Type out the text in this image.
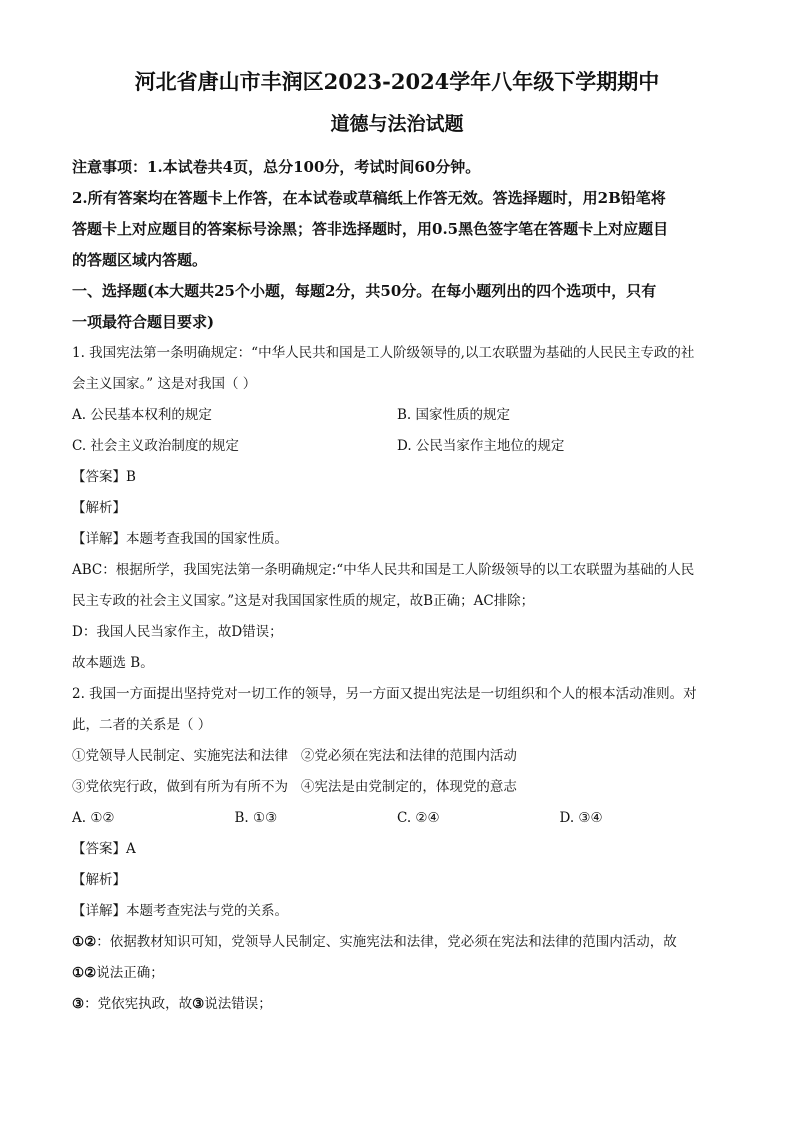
河北省唐山市丰润区2023-2024学年八年级下学期期中

道德与法治试题

注意事项：1.本试卷共4页，总分100分，考试时间60分钟。

2.所有答案均在答题卡上作答，在本试卷或草稿纸上作答无效。答选择题时，用2B铅笔将

答题卡上对应题目的答案标号涂黑；答非选择题时，用0.5黑色签字笔在答题卡上对应题目

的答题区域内答题。

一、选择题(本大题共25个小题，每题2分，共50分。在每小题列出的四个选项中，只有

一项最符合题目要求)

1. 我国宪法第一条明确规定：“中华人民共和国是工人阶级领导的,以工农联盟为基础的人民民主专政的社

会主义国家。” 这是对我国（ ）

A. 公民基本权利的规定	B. 国家性质的规定
C. 社会主义政治制度的规定	D. 公民当家作主地位的规定

【答案】B

【解析】

【详解】本题考查我国的国家性质。

ABC：根据所学，我国宪法第一条明确规定:“中华人民共和国是工人阶级领导的以工农联盟为基础的人民

民主专政的社会主义国家。”这是对我国国家性质的规定，故B正确；AC排除；

D：我国人民当家作主，故D错误；

故本题选 B。

2. 我国一方面提出坚持党对一切工作的领导，另一方面又提出宪法是一切组织和个人的根本活动准则。对

此，二者的关系是（ ）

①党领导人民制定、实施宪法和法律   ②党必须在宪法和法律的范围内活动

③党依宪行政，做到有所为有所不为   ④宪法是由党制定的，体现党的意志

A. ①②	B. ①③	C. ②④	D. ③④

【答案】A

【解析】

【详解】本题考查宪法与党的关系。

①②：依据教材知识可知，党领导人民制定、实施宪法和法律，党必须在宪法和法律的范围内活动，故

①②说法正确；

③：党依宪执政，故③说法错误；
